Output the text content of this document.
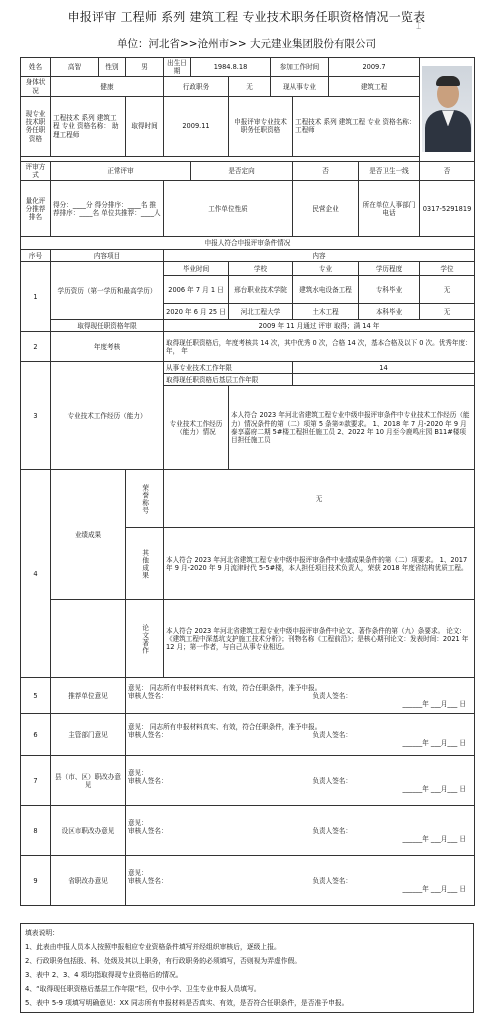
申报评审 工程师 系列 建筑工程 专业技术职务任职资格情况一览表
⌶
单位：河北省>>沧州市>> 大元建业集团股份有限公司
姓名	高智	性别	男	出生日期	1984.8.18		参加工作时间		2009.7		

身体状况	健康			行政职务		无	现从事专业		建筑工程		
现专业技术职务任职资格	工程技术 系列 建筑工程 专业 资格名称： 助理工程师		取得时间	2009.11		申报评审专业技术职务任职资格		工程技术 系列 建筑工程 专业 资格名称： 工程师			

评审方式	正常评审				是否定向			否		是否卫生一线	否
量化评分推荐排名	得分：____分 得分排序：____名 推荐排序：____名 单位共推荐：____人			工作单位性质				民营企业		所在单位人事部门电话	0317-5291819
申报人符合申报评审条件情况											
序号	内容项目			内容							
1	学历资历（第一学历和最高学历）			毕业时间		学校		专业		学历程度	学位
				2006 年 7 月 1 日		邢台职业技术学院		建筑水电设备工程		专科毕业	无
				2020 年 6 月 25 日		河北工程大学		土木工程		本科毕业	无
	取得现任职资格年限			2009 年 11 月通过 评审 取得；满 14 年							
2	年度考核			取得现任职资格后，年度考核共 14 次，其中优秀 0 次，合格 14 次，基本合格及以下 0 次。优秀年度： 年， 年							
3	专业技术工作经历（能力）			从事专业技术工作年限				14			
				取得现任职资格后基层工作年限							
				专业技术工作经历（能力）情况		本人符合 2023 年河北省建筑工程专业中级申报评审条件中专业技术工作经历（能力）情况条件的第（二）项第 5 条第②款要求。 1、2018 年 7 月-2020 年 9 月泰享嘉府二期 5#楼工程担任施工员 2、2022 年 10 月至今鹿鸣庄园 B11#楼项目担任施工员					
4	业绩成果		荣誉称号	无							
			其他成果	本人符合 2023 年河北省建筑工程专业中级申报评审条件中业绩成果条件的第（二）项要求。 1、2017 年 9 月-2020 年 9 月流津时代 5-5#楼，本人担任项目技术负责人，荣获 2018 年度省结构优质工程。							
			论文著作	本人符合 2023 年河北省建筑工程专业中级申报评审条件中论文、著作条件的第（九）条要求。 论文:《建筑工程中深基坑支护施工技术分析》；刊物名称《工程前沿》；是核心期刊论文：发表时间：2021 年 12 月；第一作者，与自己从事专业相近。							
5	推荐单位意见		意见： 同志所有申报材料真实、有效，符合任职条件，准予申报。
审核人签名： 负责人签名：
______年 ___月___ 日								

6	主管部门意见		意见： 同志所有申报材料真实、有效，符合任职条件，准予申报。
审核人签名： 负责人签名：
______年 ___月___ 日								

7	县（市、区）职改办意见		意见：
审核人签名： 负责人签名：
______年 ___月___ 日								

8	设区市职改办意见		意见：
审核人签名： 负责人签名：
______年 ___月___ 日								

9	省职改办意见		意见：
审核人签名： 负责人签名：
______年 ___月___ 日								
填表说明：
1、此表由申报人员本人按照申报相应专业资格条件填写并经组织审核后，逐级上报。
2、行政职务包括股、科、处级及其以上职务，有行政职务的必须填写，否则视为弄虚作假。
3、表中 2、3、4 项均指取得现专业资格后的情况。
4、“取得现任职资格后基层工作年限”栏，仅中小学、卫生专业申报人员填写。
5、表中 5-9 项填写明确意见：XX 同志所有申报材料是否真实、有效，是否符合任职条件，是否准予申报。
